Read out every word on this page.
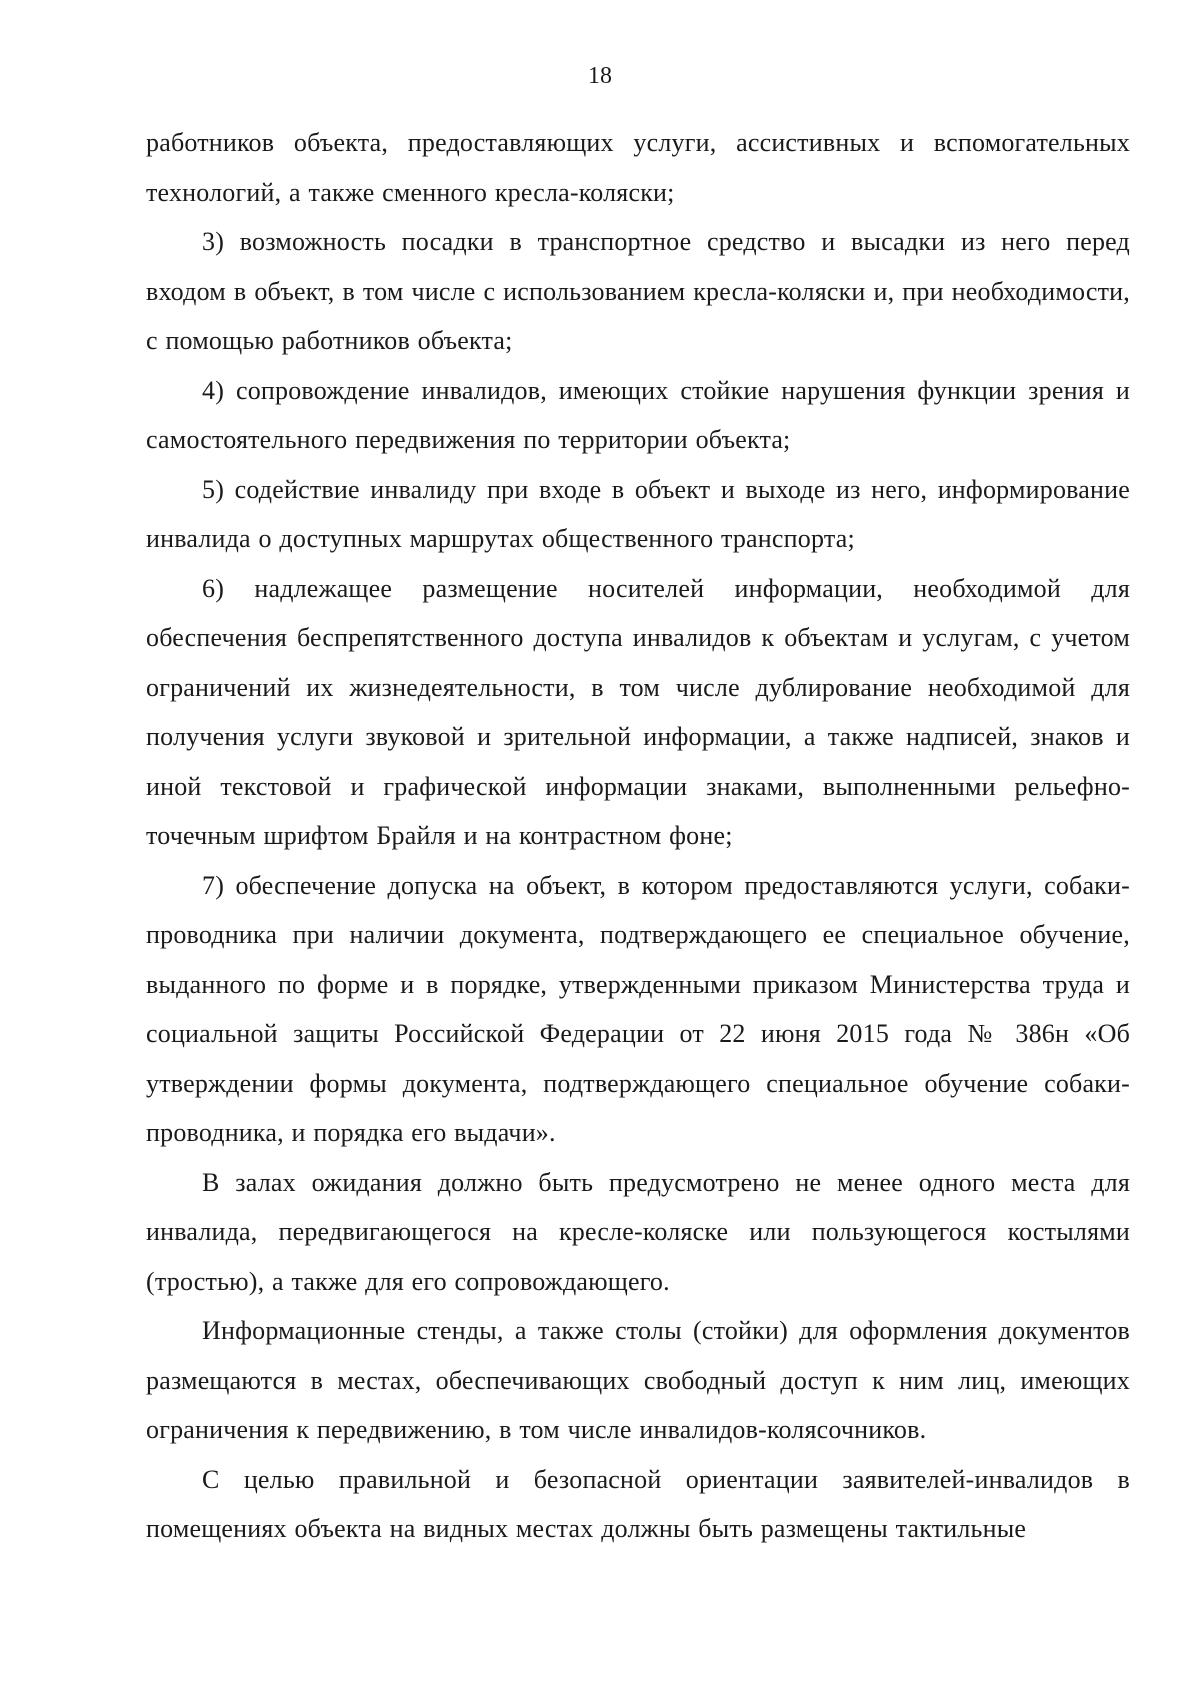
18

работников объекта, предоставляющих услуги, ассистивных и вспомогательных технологий, а также сменного кресла-коляски;

3) возможность посадки в транспортное средство и высадки из него перед входом в объект, в том числе с использованием кресла-коляски и, при необходимости, с помощью работников объекта;

4) сопровождение инвалидов, имеющих стойкие нарушения функции зрения и самостоятельного передвижения по территории объекта;

5) содействие инвалиду при входе в объект и выходе из него, информирование инвалида о доступных маршрутах общественного транспорта;

6) надлежащее размещение носителей информации, необходимой для обеспечения беспрепятственного доступа инвалидов к объектам и услугам, с учетом ограничений их жизнедеятельности, в том числе дублирование необходимой для получения услуги звуковой и зрительной информации, а также надписей, знаков и иной текстовой и графической информации знаками, выполненными рельефно-точечным шрифтом Брайля и на контрастном фоне;

7) обеспечение допуска на объект, в котором предоставляются услуги, собаки-проводника при наличии документа, подтверждающего ее специальное обучение, выданного по форме и в порядке, утвержденными приказом Министерства труда и социальной защиты Российской Федерации от 22 июня 2015 года № 386н «Об утверждении формы документа, подтверждающего специальное обучение собаки-проводника, и порядка его выдачи».

В залах ожидания должно быть предусмотрено не менее одного места для инвалида, передвигающегося на кресле-коляске или пользующегося костылями (тростью), а также для его сопровождающего.

Информационные стенды, а также столы (стойки) для оформления документов размещаются в местах, обеспечивающих свободный доступ к ним лиц, имеющих ограничения к передвижению, в том числе инвалидов-колясочников.

С целью правильной и безопасной ориентации заявителей-инвалидов в помещениях объекта на видных местах должны быть размещены тактильные
